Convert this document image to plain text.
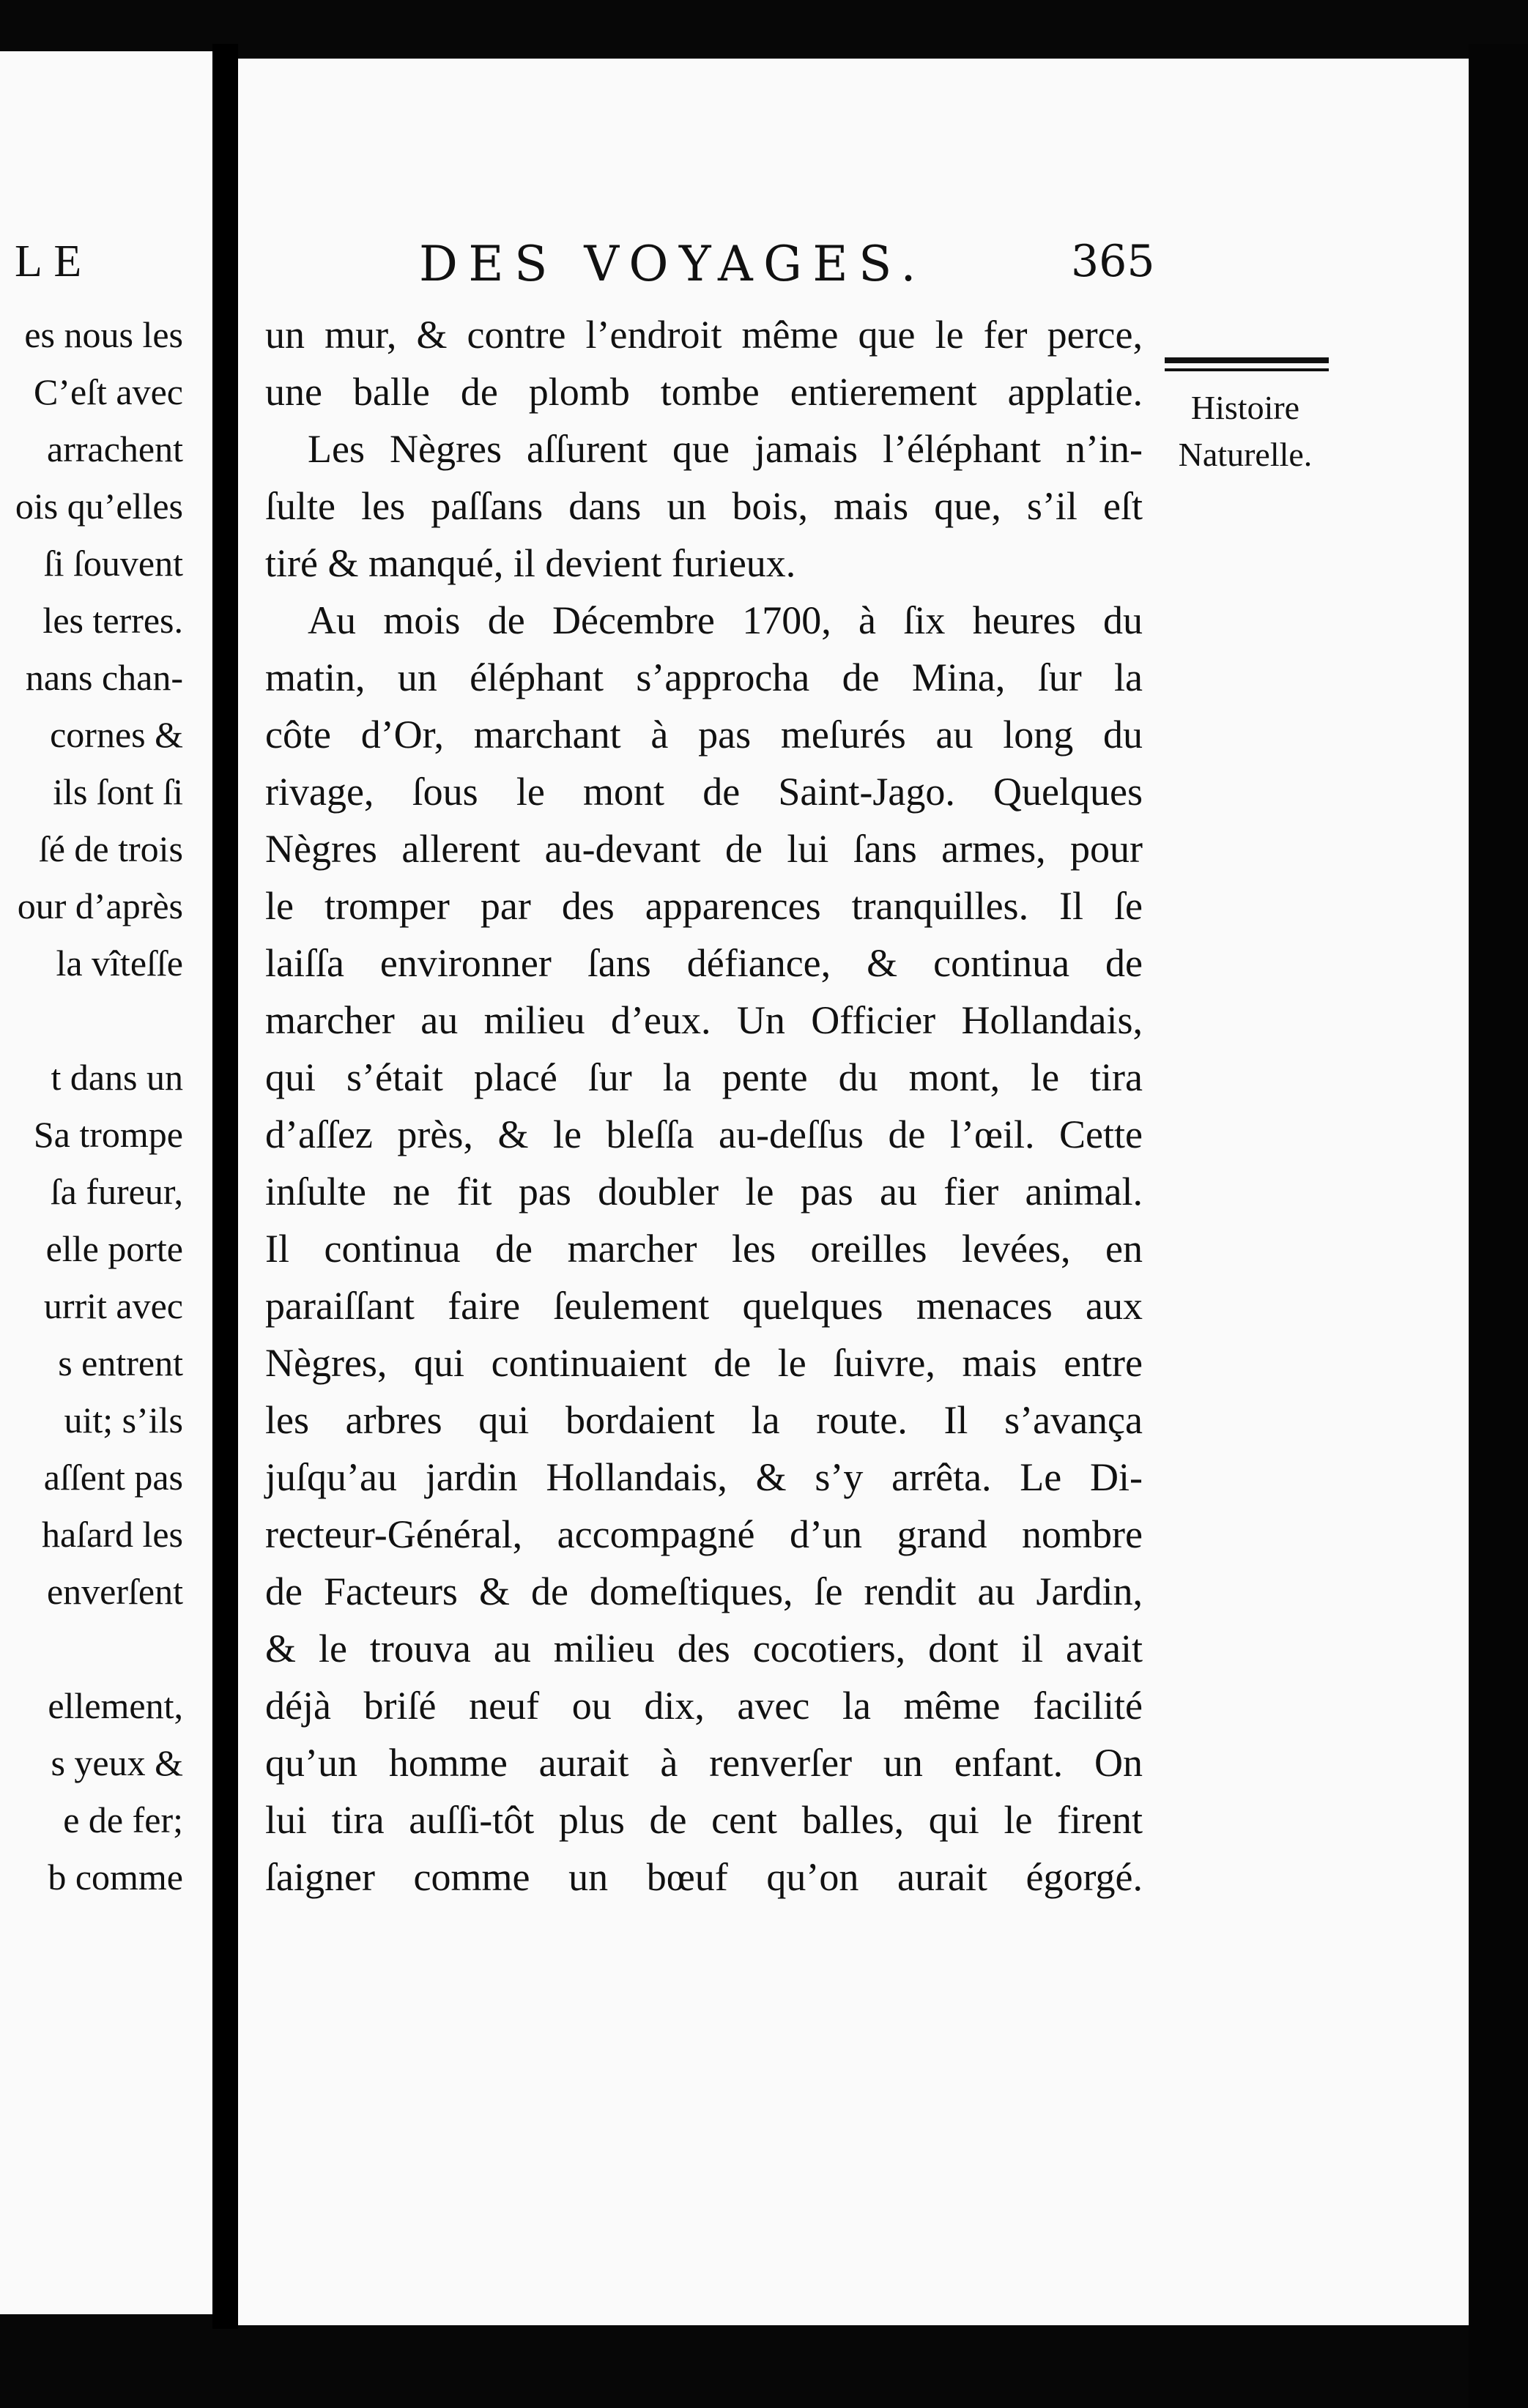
LE
es nous les
C’eſt avec
arrachent
ois qu’elles
ſi ſouvent
les terres.
nans chan-
cornes &
ils ſont ſi
ſé de trois
our d’après
la vîteſſe
t dans un
Sa trompe
ſa fureur,
elle porte
urrit avec
s entrent
uit; s’ils
aſſent pas
haſard les
enverſent
ellement,
s yeux &
e de fer;
b comme
DES VOYAGES.	365
Histoire
Naturelle.
un mur, & contre l’endroit même que le fer perce,
une balle de plomb tombe entierement applatie.
Les Nègres aſſurent que jamais l’éléphant n’in-
ſulte les paſſans dans un bois, mais que, s’il eſt
tiré & manqué, il devient furieux.
Au mois de Décembre 1700, à ſix heures du
matin, un éléphant s’approcha de Mina, ſur la
côte d’Or, marchant à pas meſurés au long du
rivage, ſous le mont de Saint-Jago. Quelques
Nègres allerent au-devant de lui ſans armes, pour
le tromper par des apparences tranquilles. Il ſe
laiſſa environner ſans défiance, & continua de
marcher au milieu d’eux. Un Officier Hollandais,
qui s’était placé ſur la pente du mont, le tira
d’aſſez près, & le bleſſa au-deſſus de l’œil. Cette
inſulte ne fit pas doubler le pas au fier animal.
Il continua de marcher les oreilles levées, en
paraiſſant faire ſeulement quelques menaces aux
Nègres, qui continuaient de le ſuivre, mais entre
les arbres qui bordaient la route. Il s’avança
juſqu’au jardin Hollandais, & s’y arrêta. Le Di-
recteur-Général, accompagné d’un grand nombre
de Facteurs & de domeſtiques, ſe rendit au Jardin,
& le trouva au milieu des cocotiers, dont il avait
déjà briſé neuf ou dix, avec la même facilité
qu’un homme aurait à renverſer un enfant. On
lui tira auſſi-tôt plus de cent balles, qui le firent
ſaigner comme un bœuf qu’on aurait égorgé.
